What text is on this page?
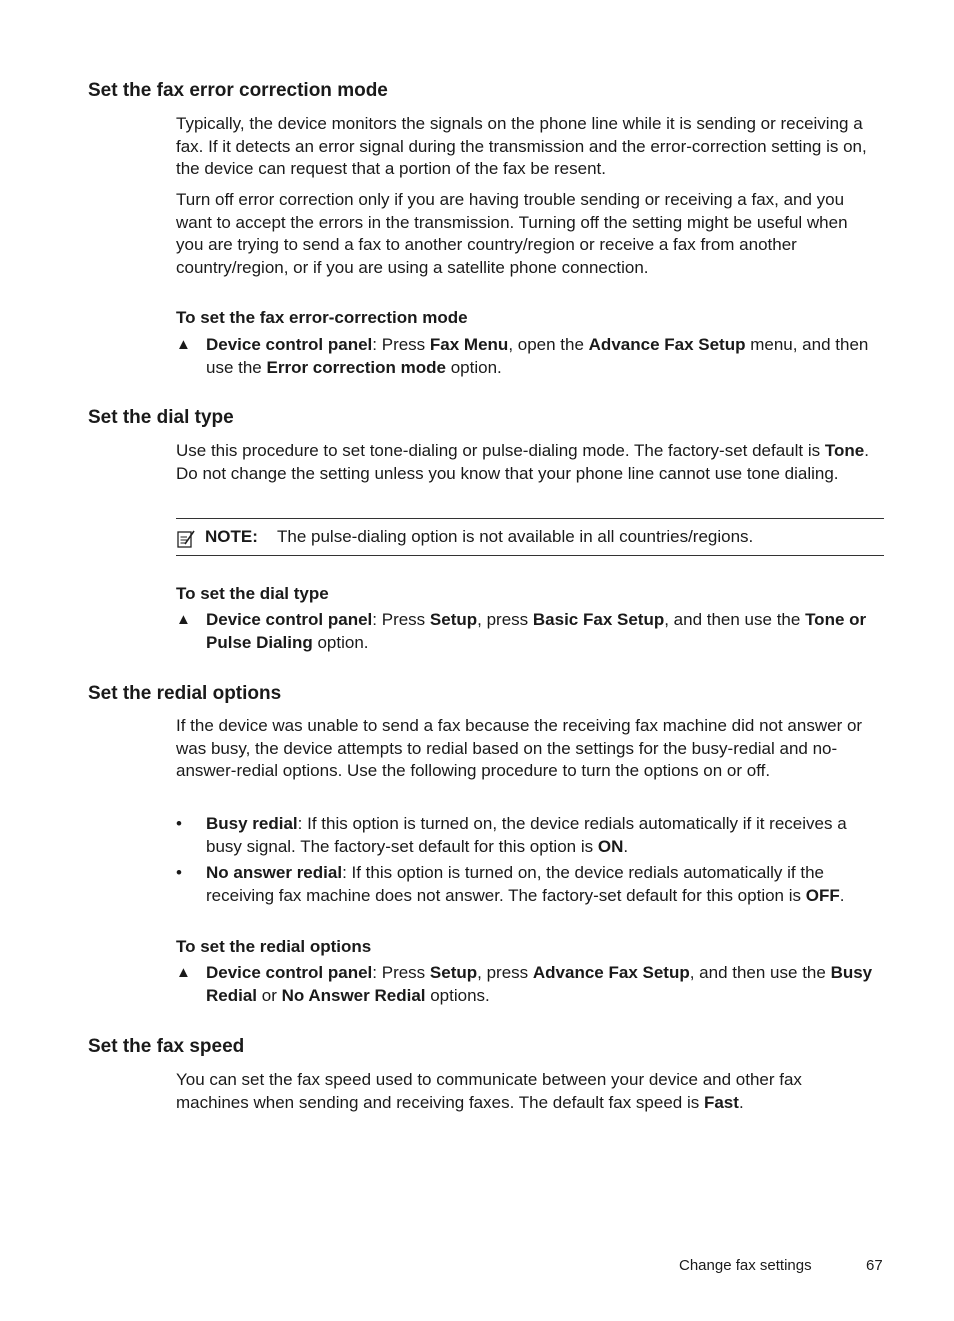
Set the fax error correction mode

Typically, the device monitors the signals on the phone line while it is sending or receiving a fax. If it detects an error signal during the transmission and the error-correction setting is on, the device can request that a portion of the fax be resent.

Turn off error correction only if you are having trouble sending or receiving a fax, and you want to accept the errors in the transmission. Turning off the setting might be useful when you are trying to send a fax to another country/region or receive a fax from another country/region, or if you are using a satellite phone connection.

To set the fax error-correction mode

▲ Device control panel: Press Fax Menu, open the Advance Fax Setup menu, and then use the Error correction mode option.
Set the dial type

Use this procedure to set tone-dialing or pulse-dialing mode. The factory-set default is Tone. Do not change the setting unless you know that your phone line cannot use tone dialing.

NOTE: The pulse-dialing option is not available in all countries/regions.

To set the dial type

▲ Device control panel: Press Setup, press Basic Fax Setup, and then use the Tone or Pulse Dialing option.
Set the redial options

If the device was unable to send a fax because the receiving fax machine did not answer or was busy, the device attempts to redial based on the settings for the busy-redial and no-answer-redial options. Use the following procedure to turn the options on or off.

• Busy redial: If this option is turned on, the device redials automatically if it receives a busy signal. The factory-set default for this option is ON.
• No answer redial: If this option is turned on, the device redials automatically if the receiving fax machine does not answer. The factory-set default for this option is OFF.

To set the redial options

▲ Device control panel: Press Setup, press Advance Fax Setup, and then use the Busy Redial or No Answer Redial options.
Set the fax speed

You can set the fax speed used to communicate between your device and other fax machines when sending and receiving faxes. The default fax speed is Fast.

Change fax settings	67
